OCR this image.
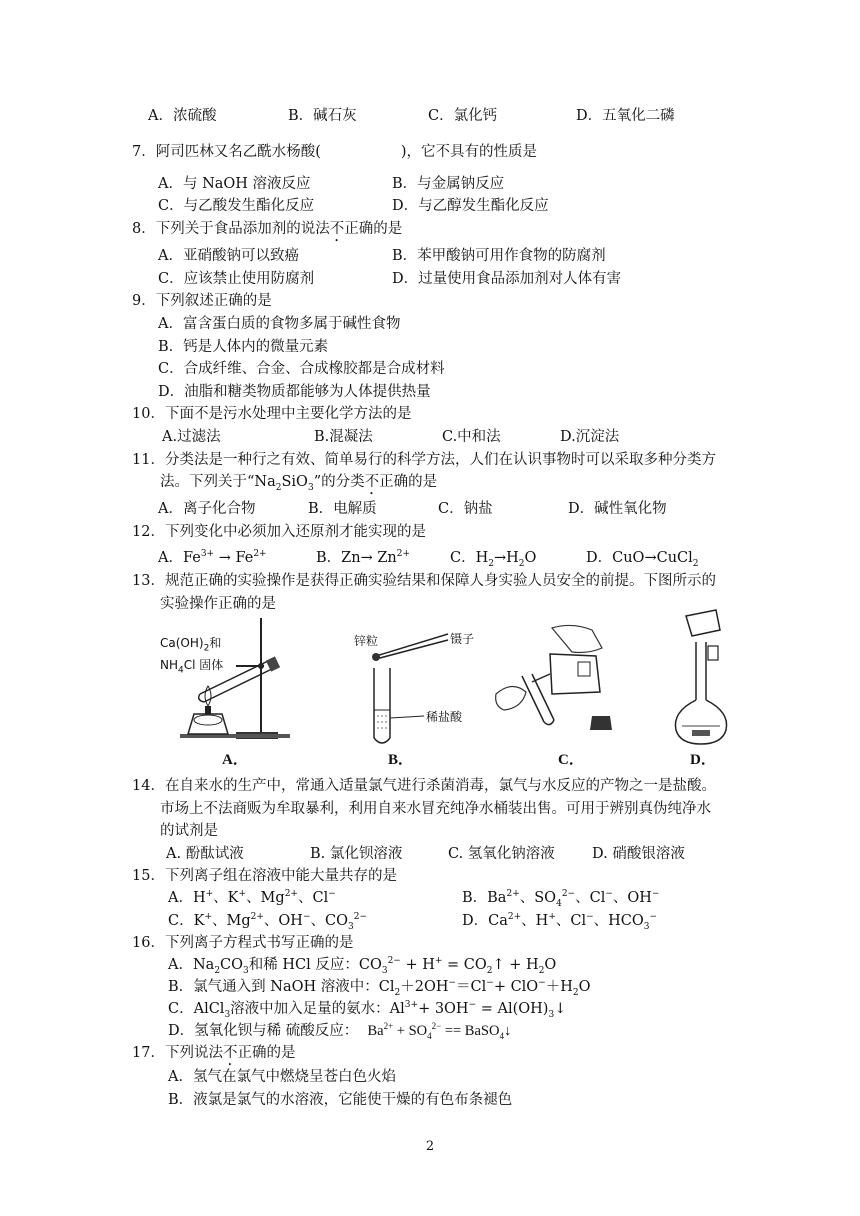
A．浓硫酸	B．碱石灰	C．氯化钙	D．五氧化二磷
7．阿司匹林又名乙酰水杨酸(	)，它不具有的性质是
A．与 NaOH 溶液反应	B．与金属钠反应
C．与乙酸发生酯化反应	D．与乙醇发生酯化反应
8．下列关于食品添加剂的说法不正确的是
A．亚硝酸钠可以致癌	B．苯甲酸钠可用作食物的防腐剂
C．应该禁止使用防腐剂	D．过量使用食品添加剂对人体有害
9．下列叙述正确的是
A．富含蛋白质的食物多属于碱性食物
B．钙是人体内的微量元素
C．合成纤维、合金、合成橡胶都是合成材料
D．油脂和糖类物质都能够为人体提供热量
10．下面不是污水处理中主要化学方法的是
A.过滤法	B.混凝法	C.中和法	D.沉淀法
11．分类法是一种行之有效、简单易行的科学方法，人们在认识事物时可以采取多种分类方
法。下列关于“$Na_2SiO_3$”的分类不正确的是
A．离子化合物	B．电解质	C．钠盐	D．碱性氧化物
12．下列变化中必须加入还原剂才能实现的是
A．$Fe^{3+} \to Fe^{2+}$	B．$Zn\to Zn^{2+}$	C．$H_2\to H_2O$	D．CuO→CuCl$_2$
13．规范正确的实验操作是获得正确实验结果和保障人身实验人员安全的前提。下图所示的
实验操作正确的是
$Ca(OH)_2$和
$NH_4Cl$ 固体
A．
锌粒	镊子
稀盐酸
B．	C．	D．
14．在自来水的生产中，常通入适量氯气进行杀菌消毒，氯气与水反应的产物之一是盐酸。
市场上不法商贩为牟取暴利，利用自来水冒充纯净水桶装出售。可用于辨别真伪纯净水
的试剂是
A. 酚酞试液	B. 氯化钡溶液	C. 氢氧化钠溶液	D. 硝酸银溶液
15．下列离子组在溶液中能大量共存的是
A．H+、K+、$Mg^{2+}$、Cl−	B．$Ba^{2+}$、$SO_4^{2-}$、Cl−、OH−
C．K+、$Mg^{2+}$、OH−、$CO_3^{2-}$	D．$Ca^{2+}$、H+、Cl−、$HCO_3^-$
16．下列离子方程式书写正确的是
A．$Na_2CO_3$和稀 HCl 反应：$CO_3^{2-} + H^+$ = $CO_2↑ + H_2O$
B．氯气通入到 NaOH 溶液中：$Cl_2+2OH^-=Cl^-+ ClO^-+H_2O$
C．AlCl$_3$溶液中加入足量的氨水：$Al^{3+}+ 3OH^-$ = $Al(OH)_3↓$
D．氢氧化钡与稀 硫酸反应： $Ba^{2+} + SO_4^{2-}$ == BaSO$_4$↓
17．下列说法不正确的是
A．氢气在氯气中燃烧呈苍白色火焰
B．液氯是氯气的水溶液，它能使干燥的有色布条褪色
2
